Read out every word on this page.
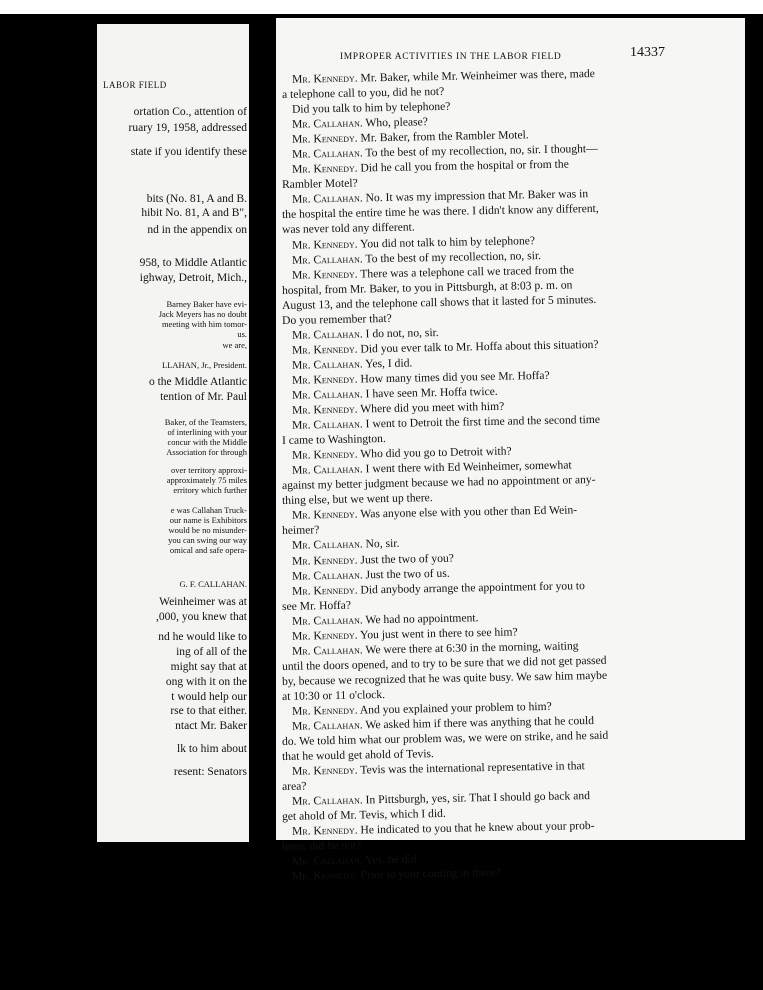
LABOR FIELD
ortation Co., attention of
ruary 19, 1958, addressed
state if you identify these
bits (No. 81, A and B.
hibit No. 81, A and B",
nd in the appendix on
958, to Middle Atlantic
ighway, Detroit, Mich.,
Barney Baker have evi-
Jack Meyers has no doubt
meeting with him tomor-
us.
we are,
LLAHAN, Jr., President.
o the Middle Atlantic
tention of Mr. Paul
Baker, of the Teamsters,
of interlining with your
concur with the Middle
Association for through
over territory approxi-
approximately 75 miles
erritory which further
e was Callahan Truck-
our name is Exhibitors
would be no misunder-
you can swing our way
omical and safe opera-
G. F. CALLAHAN.
Weinheimer was at
,000, you knew that
nd he would like to
ing of all of the
might say that at
ong with it on the
t would help our
rse to that either.
ntact Mr. Baker
lk to him about
resent: Senators
IMPROPER ACTIVITIES IN THE LABOR FIELD	14337
Mr. Kennedy. Mr. Baker, while Mr. Weinheimer was there, made
a telephone call to you, did he not?
Did you talk to him by telephone?
Mr. Callahan. Who, please?
Mr. Kennedy. Mr. Baker, from the Rambler Motel.
Mr. Callahan. To the best of my recollection, no, sir. I thought—
Mr. Kennedy. Did he call you from the hospital or from the
Rambler Motel?
Mr. Callahan. No. It was my impression that Mr. Baker was in
the hospital the entire time he was there. I didn't know any different,
was never told any different.
Mr. Kennedy. You did not talk to him by telephone?
Mr. Callahan. To the best of my recollection, no, sir.
Mr. Kennedy. There was a telephone call we traced from the
hospital, from Mr. Baker, to you in Pittsburgh, at 8:03 p. m. on
August 13, and the telephone call shows that it lasted for 5 minutes.
Do you remember that?
Mr. Callahan. I do not, no, sir.
Mr. Kennedy. Did you ever talk to Mr. Hoffa about this situation?
Mr. Callahan. Yes, I did.
Mr. Kennedy. How many times did you see Mr. Hoffa?
Mr. Callahan. I have seen Mr. Hoffa twice.
Mr. Kennedy. Where did you meet with him?
Mr. Callahan. I went to Detroit the first time and the second time
I came to Washington.
Mr. Kennedy. Who did you go to Detroit with?
Mr. Callahan. I went there with Ed Weinheimer, somewhat
against my better judgment because we had no appointment or any-
thing else, but we went up there.
Mr. Kennedy. Was anyone else with you other than Ed Wein-
heimer?
Mr. Callahan. No, sir.
Mr. Kennedy. Just the two of you?
Mr. Callahan. Just the two of us.
Mr. Kennedy. Did anybody arrange the appointment for you to
see Mr. Hoffa?
Mr. Callahan. We had no appointment.
Mr. Kennedy. You just went in there to see him?
Mr. Callahan. We were there at 6:30 in the morning, waiting
until the doors opened, and to try to be sure that we did not get passed
by, because we recognized that he was quite busy. We saw him maybe
at 10:30 or 11 o'clock.
Mr. Kennedy. And you explained your problem to him?
Mr. Callahan. We asked him if there was anything that he could
do. We told him what our problem was, we were on strike, and he said
that he would get ahold of Tevis.
Mr. Kennedy. Tevis was the international representative in that
area?
Mr. Callahan. In Pittsburgh, yes, sir. That I should go back and
get ahold of Mr. Tevis, which I did.
Mr. Kennedy. He indicated to you that he knew about your prob-
lems, did he not?
Mr. Callahan. Yes, he did.
Mr. Kennedy. Prior to your coming in there?
